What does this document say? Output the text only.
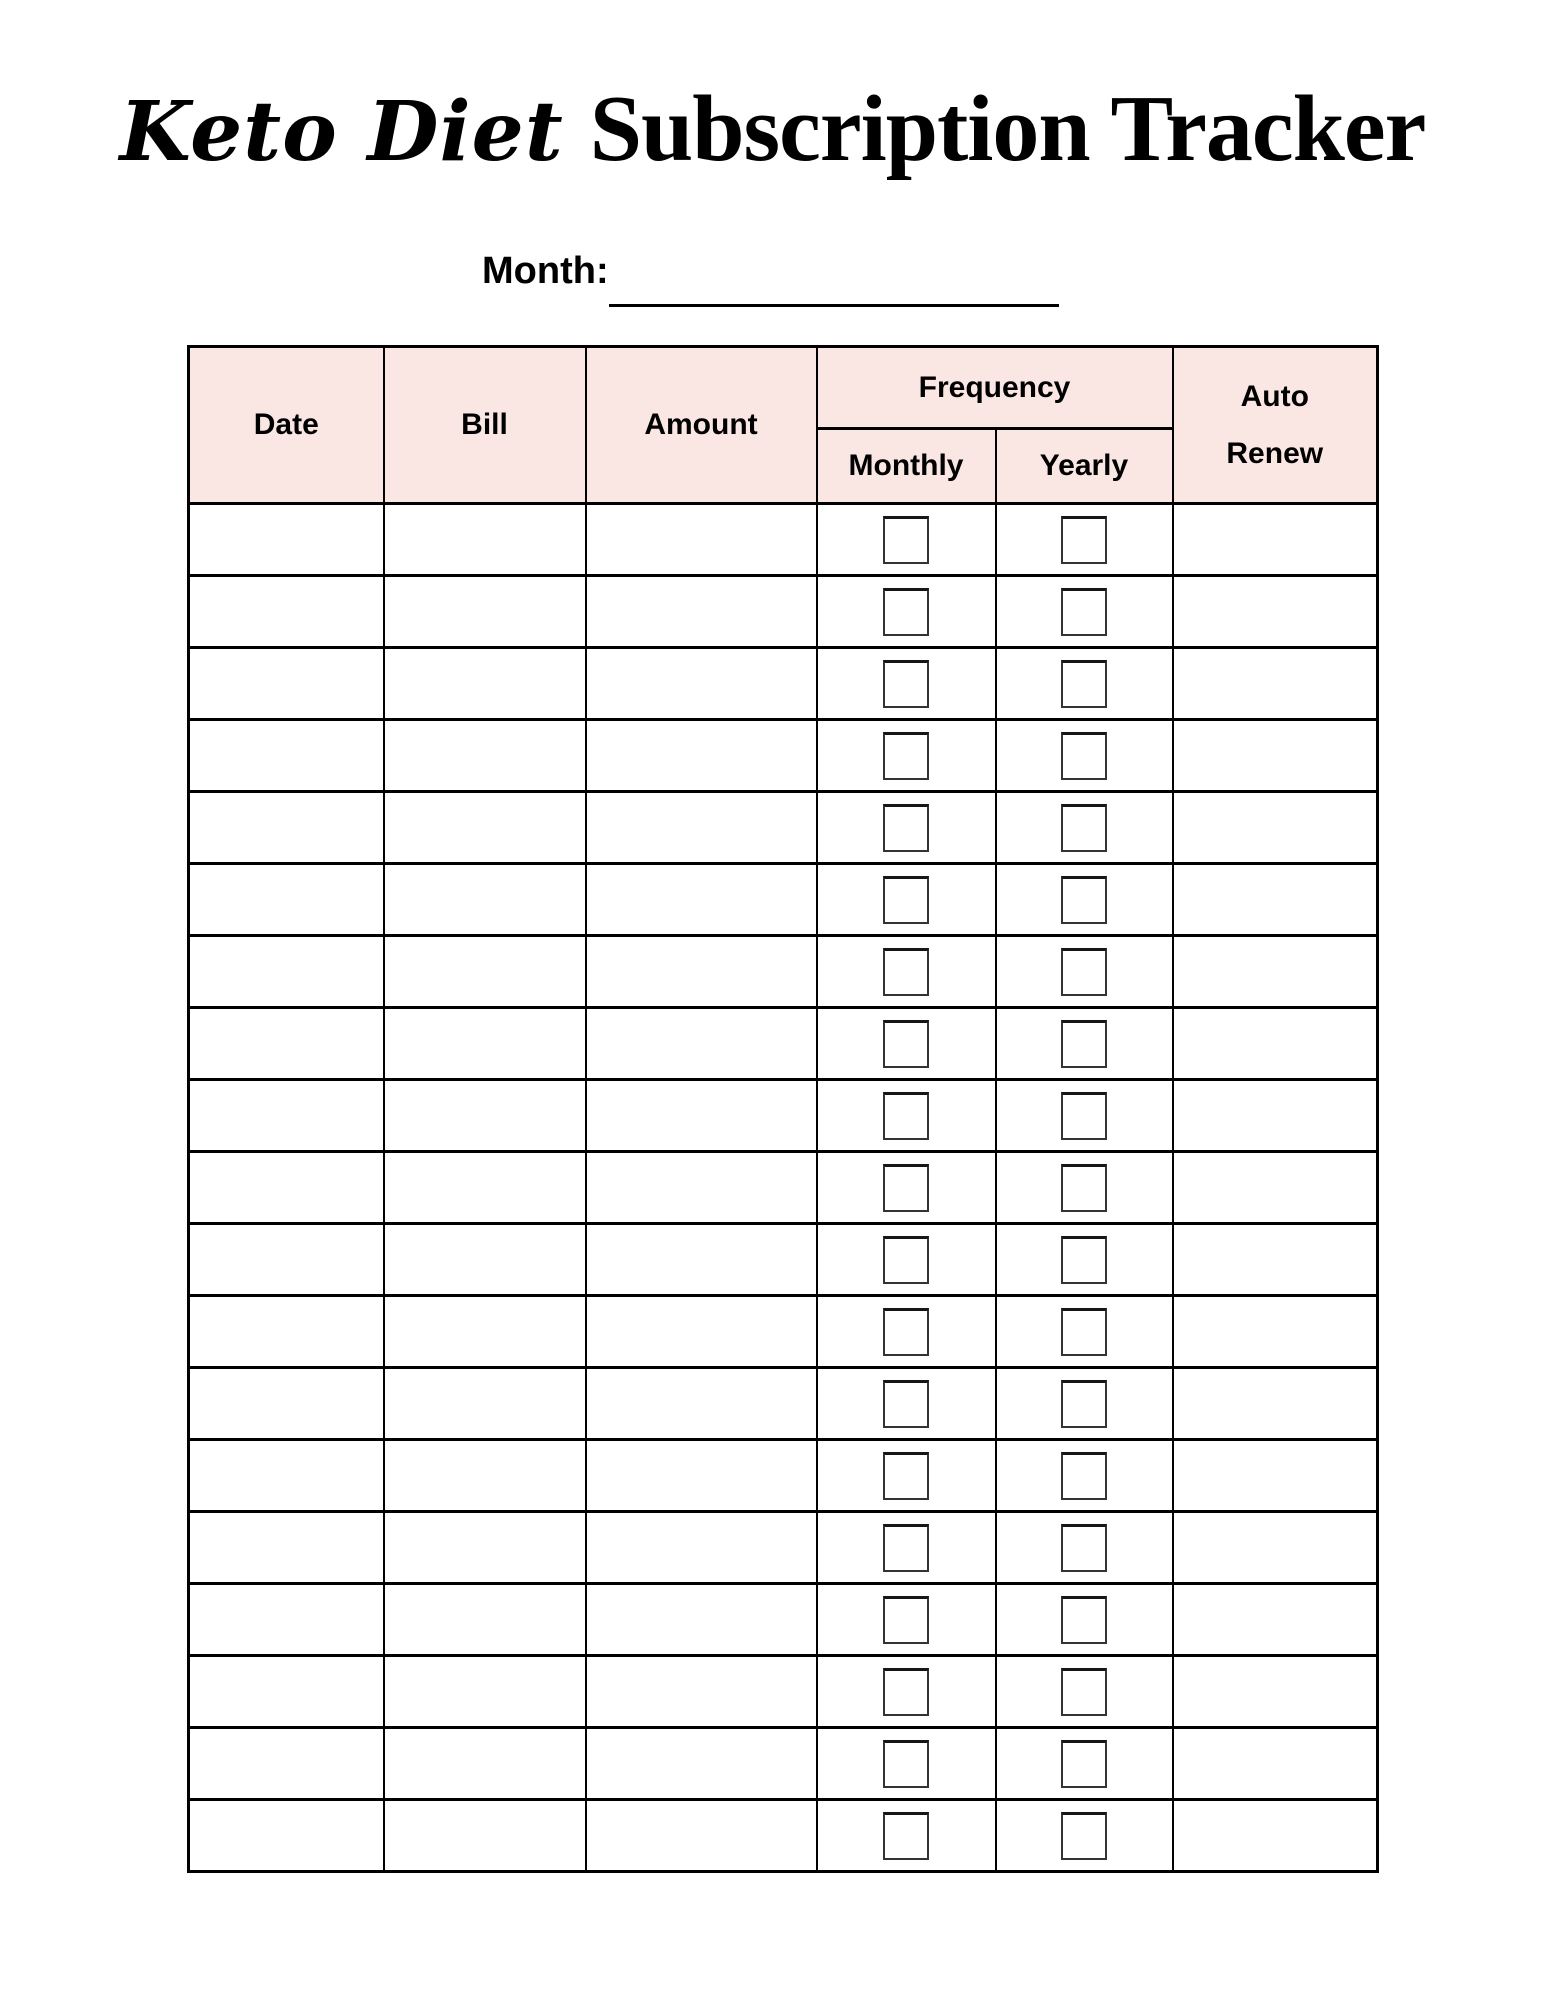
Keto Diet Subscription Tracker
Month:
Date	Bill	Amount	Frequency		Auto Renew
			Monthly	Yearly	
